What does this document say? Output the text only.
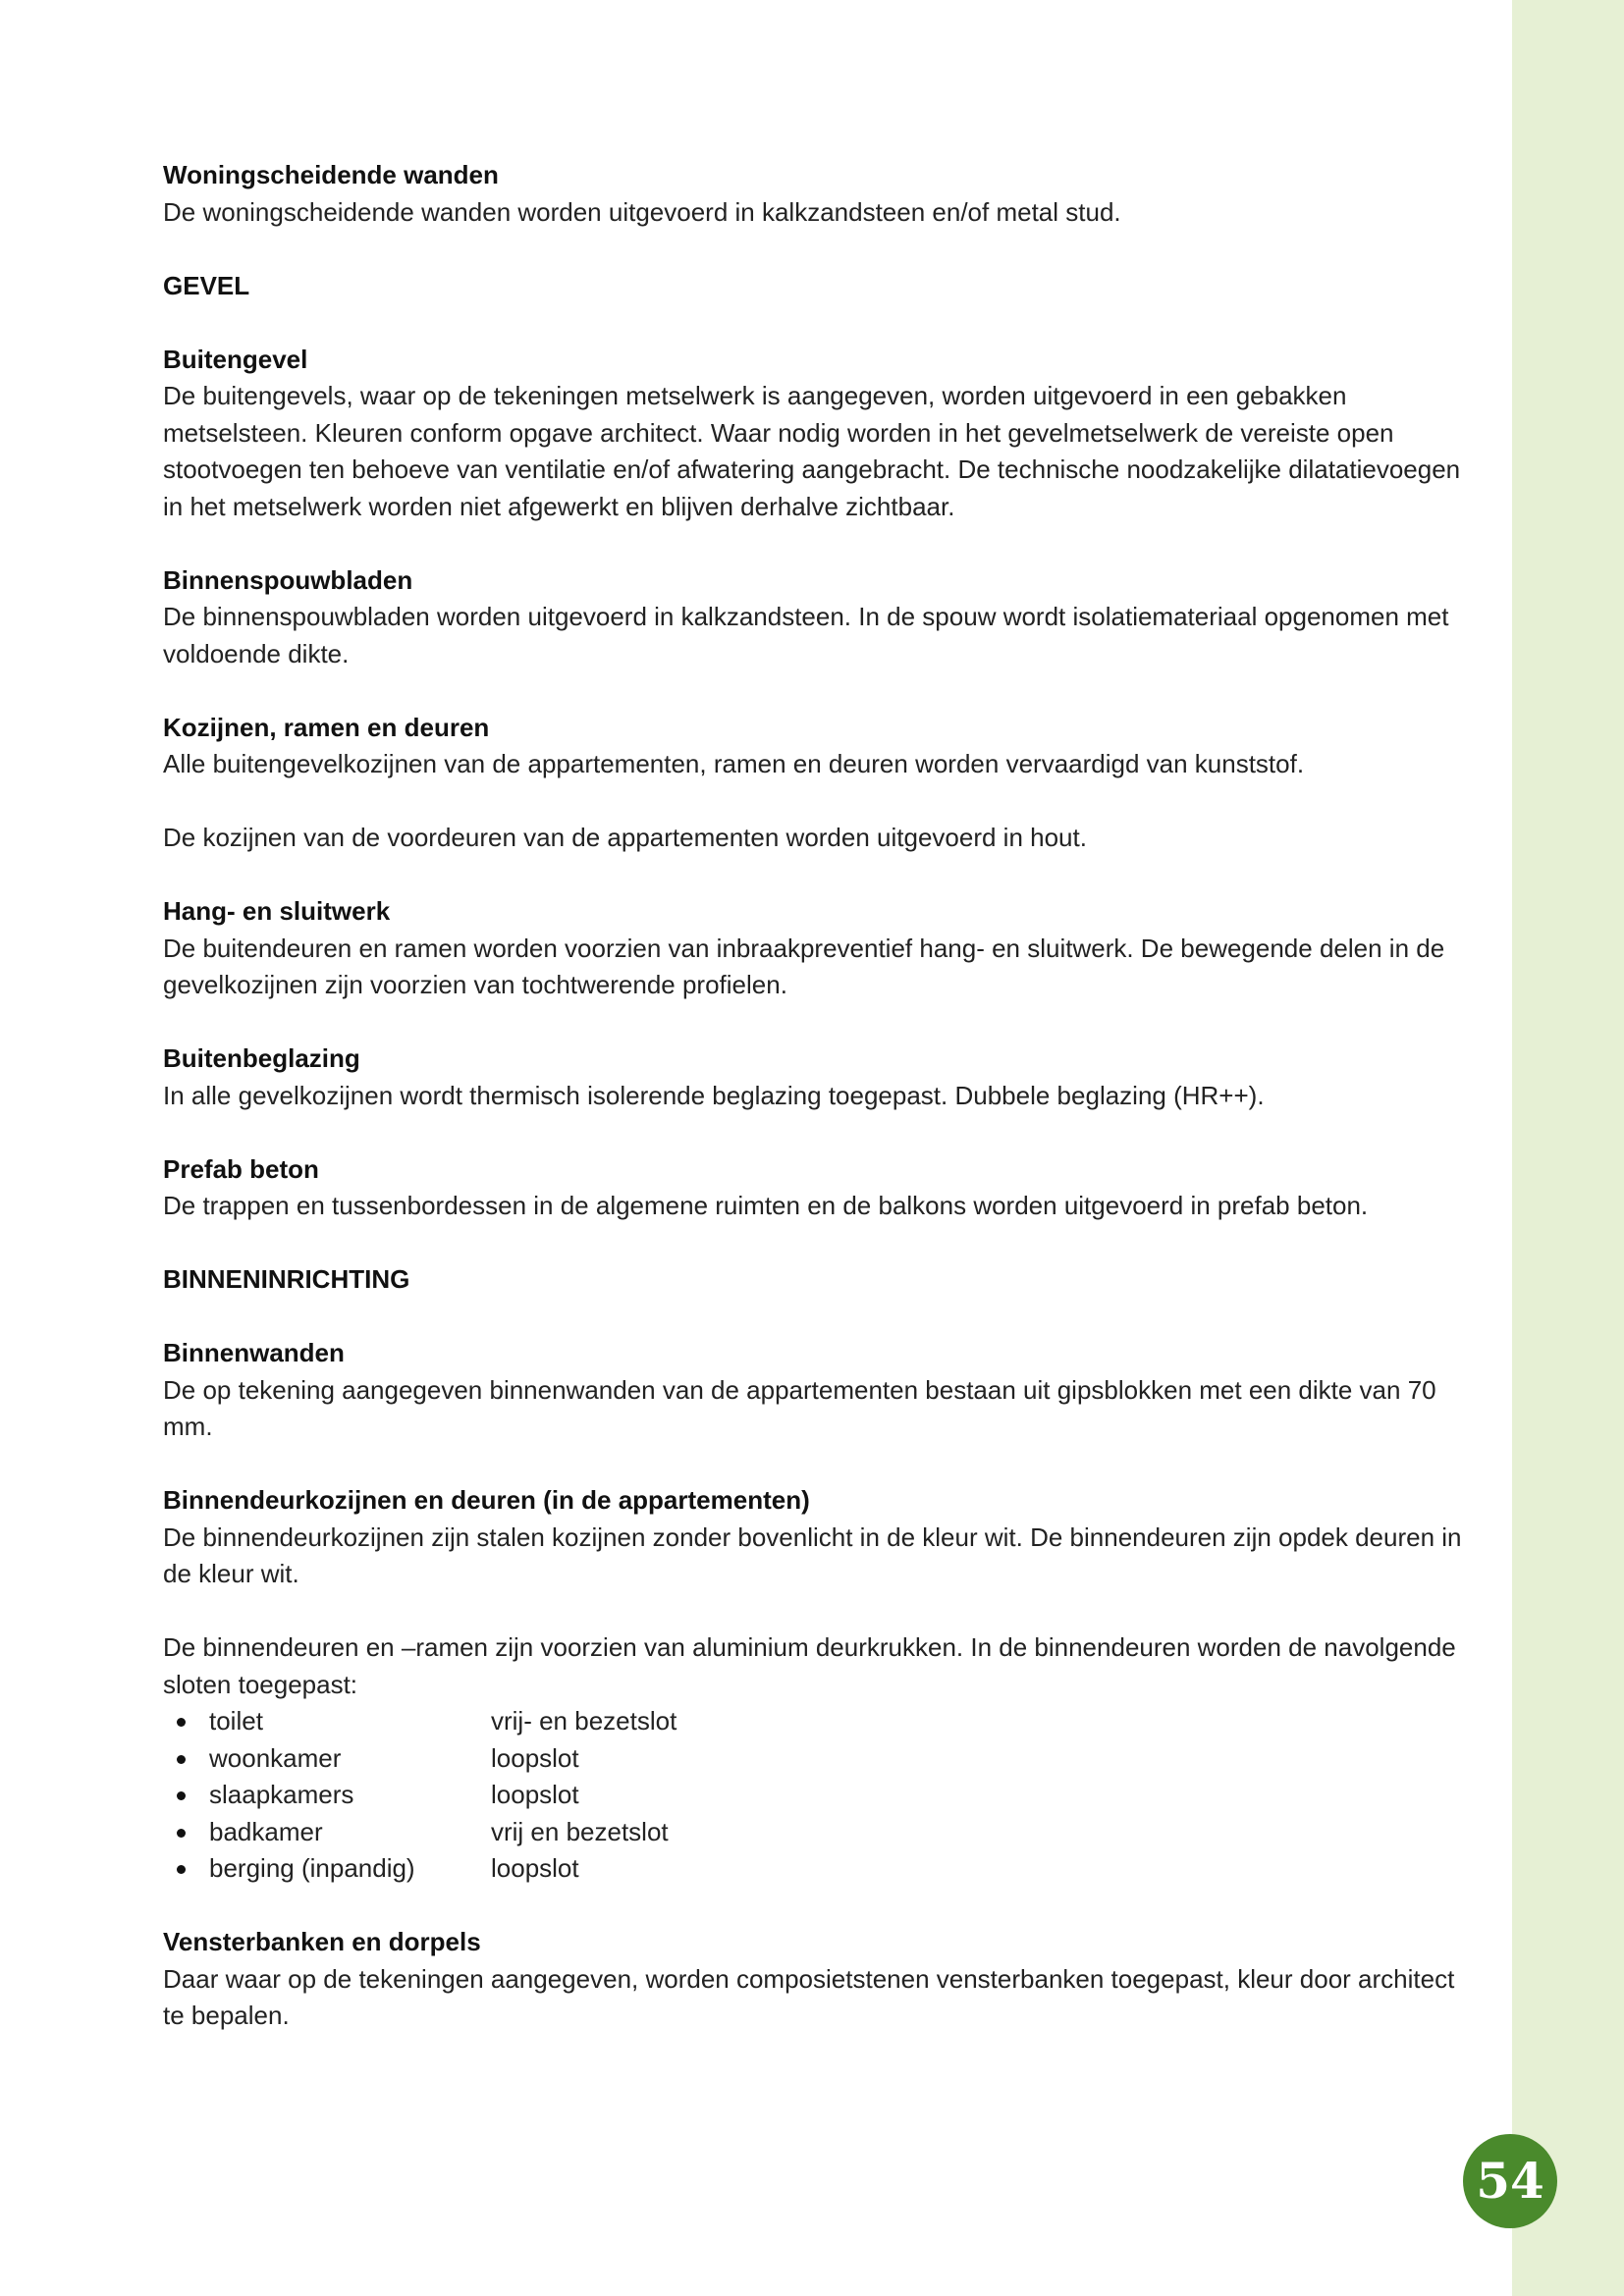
Woningscheidende wanden

De woningscheidende wanden worden uitgevoerd in kalkzandsteen en/of metal stud.

GEVEL

Buitengevel

De buitengevels, waar op de tekeningen metselwerk is aangegeven, worden uitgevoerd in een gebakken metselsteen. Kleuren conform opgave architect. Waar nodig worden in het gevelmetselwerk de vereiste open stootvoegen ten behoeve van ventilatie en/of afwatering aangebracht. De technische noodzakelijke dilatatievoegen in het metselwerk worden niet afgewerkt en blijven derhalve zichtbaar.

Binnenspouwbladen

De binnenspouwbladen worden uitgevoerd in kalkzandsteen. In de spouw wordt isolatiemateriaal opgenomen met voldoende dikte.

Kozijnen, ramen en deuren

Alle buitengevelkozijnen van de appartementen, ramen en deuren worden vervaardigd van kunststof.

De kozijnen van de voordeuren van de appartementen worden uitgevoerd in hout.

Hang- en sluitwerk

De buitendeuren en ramen worden voorzien van inbraakpreventief hang- en sluitwerk. De bewegende delen in de gevelkozijnen zijn voorzien van tochtwerende profielen.

Buitenbeglazing

In alle gevelkozijnen wordt thermisch isolerende beglazing toegepast. Dubbele beglazing (HR++).

Prefab beton

De trappen en tussenbordessen in de algemene ruimten en de balkons worden uitgevoerd in prefab beton.

BINNENINRICHTING

Binnenwanden

De op tekening aangegeven binnenwanden van de appartementen bestaan uit gipsblokken met een dikte van 70 mm.

Binnendeurkozijnen en deuren (in de appartementen)

De binnendeurkozijnen zijn stalen kozijnen zonder bovenlicht in de kleur wit. De binnendeuren zijn opdek deuren in de kleur wit.

De binnendeuren en –ramen zijn voorzien van aluminium deurkrukken. In de binnendeuren worden de navolgende sloten toegepast:

toilet	vrij- en bezetslot
woonkamer	loopslot
slaapkamers	loopslot
badkamer	vrij en bezetslot
berging (inpandig)	loopslot

Vensterbanken en dorpels

Daar waar op de tekeningen aangegeven, worden composietstenen vensterbanken toegepast, kleur door architect te bepalen.

54
